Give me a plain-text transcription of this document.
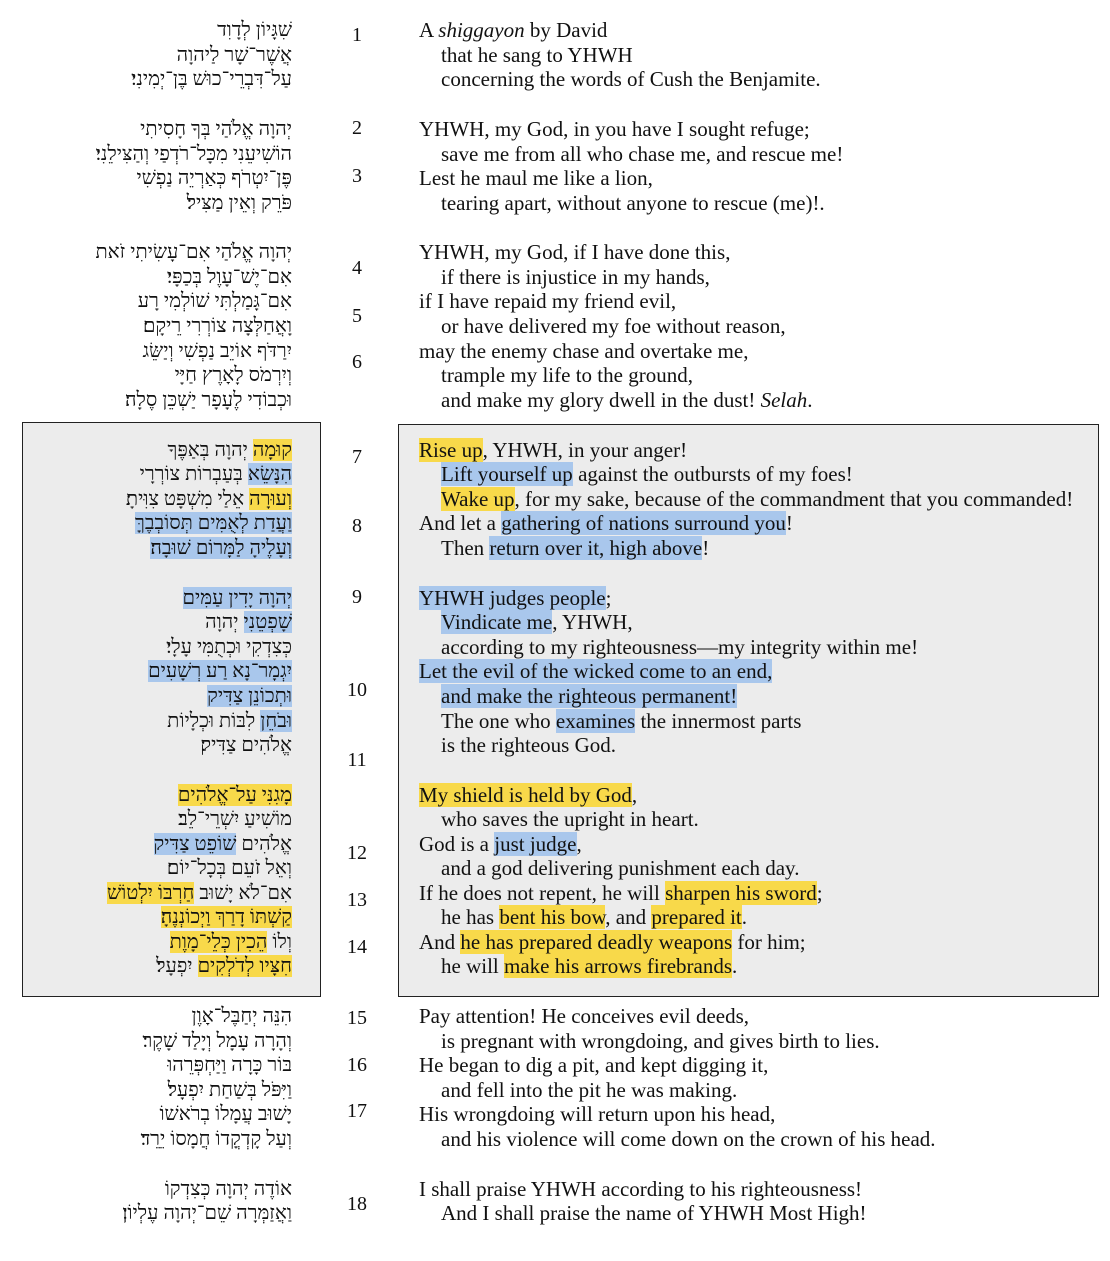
שִׁגָּיוֹן לְדָוִד
אֲשֶׁר־שָׁר לַיהוָה
עַל־דִּבְרֵי־כוּשׁ בֶּן־יְמִינִי׃
יְהוָה אֱלֹהַי בְּךָ חָסִיתִי
הוֹשִׁיעֵנִי מִכָּל־רֹדְפַי וְהַצִּילֵנִי׃
פֶּן־יִטְרֹף כְּאַרְיֵה נַפְשִׁי
פֹּרֵק וְאֵין מַצִּיל׃
יְהוָה אֱלֹהַי אִם־עָשִׂיתִי זֹאת
אִם־יֶשׁ־עָוֶל בְּכַפָּי׃
אִם־גָּמַלְתִּי שׁוֹלְמִי רָע
וָאֲחַלְּצָה צוֹרְרִי רֵיקָם׃
יִרַדֹּף אוֹיֵב נַפְשִׁי וְיַשֵּׂג
וְיִרְמֹס לָאָרֶץ חַיָּי
וּכְבוֹדִי לֶעָפָר יַשְׁכֵּן סֶלָה׃
קוּמָה יְהוָה בְּאַפֶּךָ
הִנָּשֵׂא בְּעַבְרוֹת צוֹרְרָי
וְעוּרָה אֵלַי מִשְׁפָּט צִוִּיתָ׃
וַעֲדַת לְאֻמִּים תְּסוֹבְבֶךָּ
וְעָלֶיהָ לַמָּרוֹם שׁוּבָה׃
יְהוָה יָדִין עַמִּים
שָׁפְטֵנִי יְהוָה
כְּצִדְקִי וּכְתֻמִּי עָלָי׃
יִגְמָר־נָא רַע רְשָׁעִים
וּתְכוֹנֵן צַדִּיק
וּבֹחֵן לִבּוֹת וּכְלָיוֹת
אֱלֹהִים צַדִּיק׃
מָגִנִּי עַל־אֱלֹהִים
מוֹשִׁיעַ יִשְׁרֵי־לֵב׃
אֱלֹהִים שׁוֹפֵט צַדִּיק
וְאֵל זֹעֵם בְּכָל־יוֹם׃
אִם־לֹא יָשׁוּב חַרְבּוֹ יִלְטוֹשׁ
קַשְׁתּוֹ דָרַךְ וַיְכוֹנְנֶהָ׃
וְלוֹ הֵכִין כְּלֵי־מָוֶת
חִצָּיו לְדֹלְקִים יִפְעָל׃
הִנֵּה יְחַבֶּל־אָוֶן
וְהָרָה עָמָל וְיָלַד שָׁקֶר׃
בּוֹר כָּרָה וַיַּחְפְּרֵהוּ
וַיִּפֹּל בְּשַׁחַת יִפְעָל׃
יָשׁוּב עֲמָלוֹ בְרֹאשׁוֹ
וְעַל קָדְקֳדוֹ חֲמָסוֹ יֵרֵד׃
אוֹדֶה יְהוָה כְּצִדְקוֹ
וַאֲזַמְּרָה שֵׁם־יְהוָה עֶלְיוֹן׃
A shiggayon by David
that he sang to YHWH
concerning the words of Cush the Benjamite.
YHWH, my God, in you have I sought refuge;
save me from all who chase me, and rescue me!
Lest he maul me like a lion,
tearing apart, without anyone to rescue (me)!.
YHWH, my God, if I have done this,
if there is injustice in my hands,
if I have repaid my friend evil,
or have delivered my foe without reason,
may the enemy chase and overtake me,
trample my life to the ground,
and make my glory dwell in the dust! Selah.
Rise up, YHWH, in your anger!
Lift yourself up against the outbursts of my foes!
Wake up, for my sake, because of the commandment that you commanded!
And let a gathering of nations surround you!
Then return over it, high above!
YHWH judges people;
Vindicate me, YHWH,
according to my righteousness—my integrity within me!
Let the evil of the wicked come to an end,
and make the righteous permanent!
The one who examines the innermost parts
is the righteous God.
My shield is held by God,
who saves the upright in heart.
God is a just judge,
and a god delivering punishment each day.
If he does not repent, he will sharpen his sword;
he has bent his bow, and prepared it.
And he has prepared deadly weapons for him;
he will make his arrows firebrands.
Pay attention! He conceives evil deeds,
is pregnant with wrongdoing, and gives birth to lies.
He began to dig a pit, and kept digging it,
and fell into the pit he was making.
His wrongdoing will return upon his head,
and his violence will come down on the crown of his head.
I shall praise YHWH according to his righteousness!
And I shall praise the name of YHWH Most High!
1
2
3
4
5
6
7
8
9
10
11
12
13
14
15
16
17
18
